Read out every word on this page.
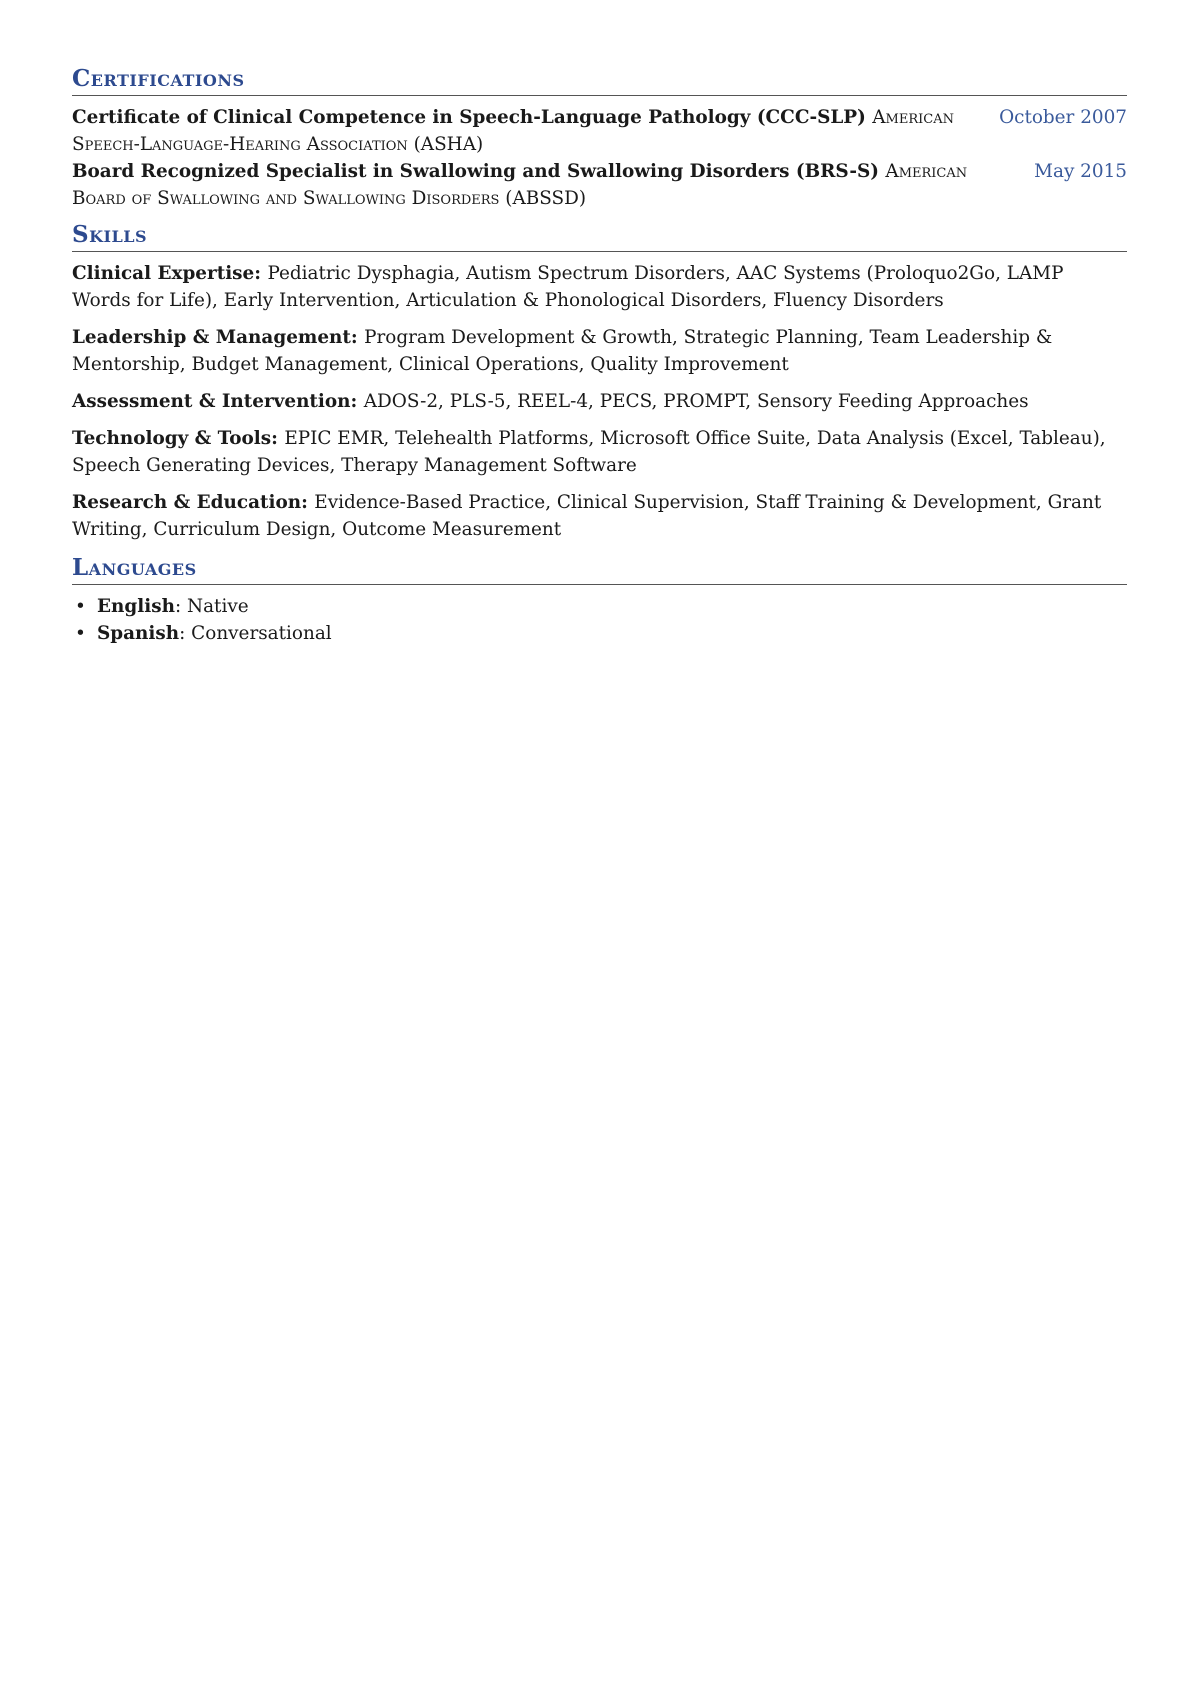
Certifications
October 2007
Certificate of Clinical Competence in Speech-Language Pathology (CCC-SLP) American Speech-Language-Hearing Association (ASHA)
May 2015
Board Recognized Specialist in Swallowing and Swallowing Disorders (BRS-S) American Board of Swallowing and Swallowing Disorders (ABSSD)
Skills

Clinical Expertise: Pediatric Dysphagia, Autism Spectrum Disorders, AAC Systems (Proloquo2Go, LAMP Words for Life), Early Intervention, Articulation & Phonological Disorders, Fluency Disorders

Leadership & Management: Program Development & Growth, Strategic Planning, Team Leadership & Mentorship, Budget Management, Clinical Operations, Quality Improvement

Assessment & Intervention: ADOS-2, PLS-5, REEL-4, PECS, PROMPT, Sensory Feeding Approaches

Technology & Tools: EPIC EMR, Telehealth Platforms, Microsoft Office Suite, Data Analysis (Excel, Tableau), Speech Generating Devices, Therapy Management Software

Research & Education: Evidence-Based Practice, Clinical Supervision, Staff Training & Development, Grant Writing, Curriculum Design, Outcome Measurement

Languages
• English: Native
• Spanish: Conversational
